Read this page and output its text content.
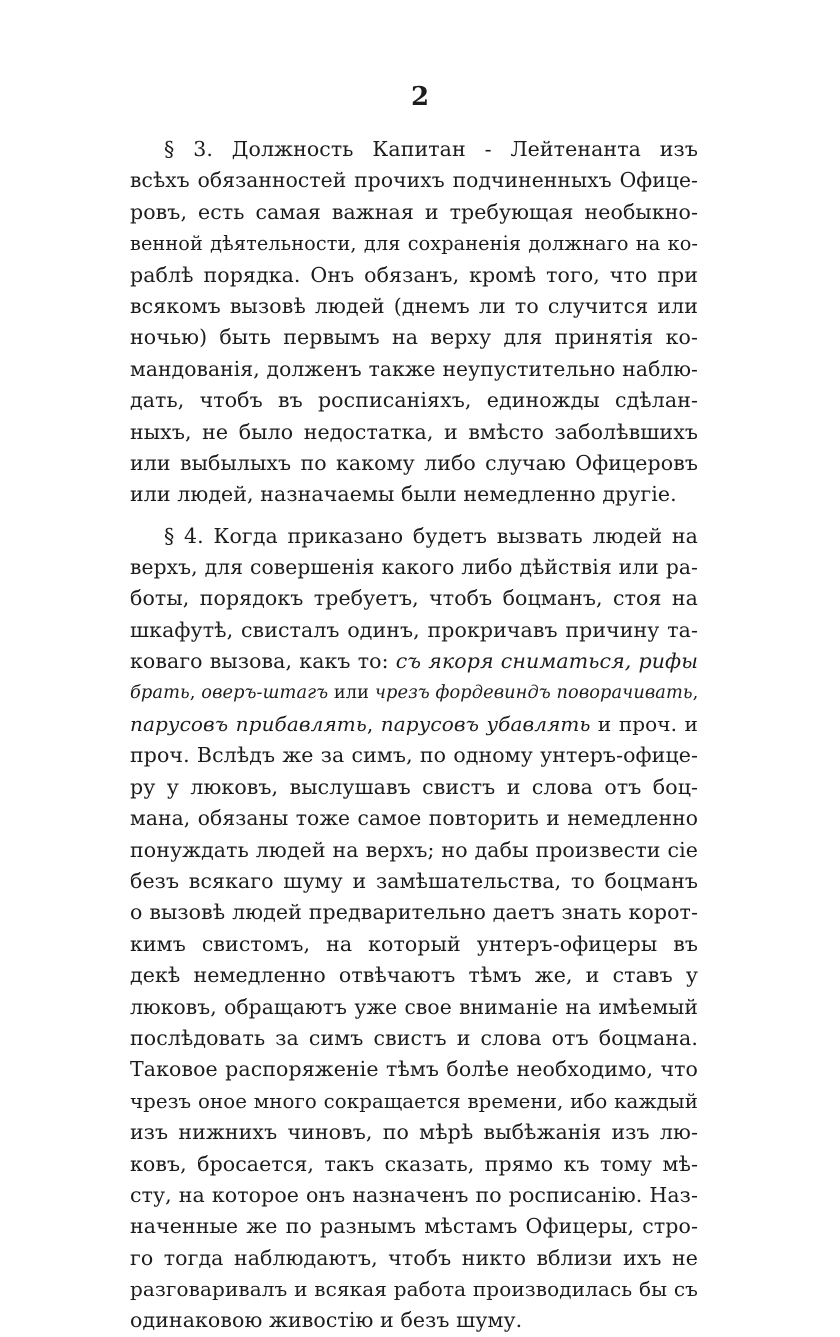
2
§ 3. Должность Капитан - Лейтенанта изъ
всѣхъ обязанностей прочихъ подчиненныхъ Офице-
ровъ, есть самая важная и требующая необыкно-
венной дѣятельности, для сохраненія должнаго на ко-
раблѣ порядка. Онъ обязанъ, кромѣ того, что при
всякомъ вызовѣ людей (днемъ ли то случится или
ночью) быть первымъ на верху для принятія ко-
мандованія, долженъ также неупустительно наблю-
дать, чтобъ въ росписаніяхъ, единожды сдѣлан-
ныхъ, не было недостатка, и вмѣсто заболѣвшихъ
или выбылыхъ по какому либо случаю Офицеровъ
или людей, назначаемы были немедленно другіе.
§ 4. Когда приказано будетъ вызвать людей на
верхъ, для совершенія какого либо дѣйствія или ра-
боты, порядокъ требуетъ, чтобъ боцманъ, стоя на
шкафутѣ, свисталъ одинъ, прокричавъ причину та-
коваго вызова, какъ то: съ якоря сниматься, рифы
брать, оверъ-штагъ или чрезъ фордевиндъ поворачивать,
парусовъ прибавлять, парусовъ убавлять и проч. и
проч. Вслѣдъ же за симъ, по одному унтеръ-офице-
ру у люковъ, выслушавъ свистъ и слова отъ боц-
мана, обязаны тоже самое повторить и немедленно
понуждать людей на верхъ; но дабы произвести сіе
безъ всякаго шуму и замѣшательства, то боцманъ
о вызовѣ людей предварительно даетъ знать корот-
кимъ свистомъ, на который унтеръ-офицеры въ
декѣ немедленно отвѣчаютъ тѣмъ же, и ставъ у
люковъ, обращаютъ уже свое вниманіе на имѣемый
послѣдовать за симъ свистъ и слова отъ боцмана.
Таковое распоряженіе тѣмъ болѣе необходимо, что
чрезъ оное много сокращается времени, ибо каждый
изъ нижнихъ чиновъ, по мѣрѣ выбѣжанія изъ лю-
ковъ, бросается, такъ сказать, прямо къ тому мѣ-
сту, на которое онъ назначенъ по росписанію. Наз-
наченные же по разнымъ мѣстамъ Офицеры, стро-
го тогда наблюдаютъ, чтобъ никто вблизи ихъ не
разговаривалъ и всякая работа производилась бы съ
одинаковою живостію и безъ шуму.
